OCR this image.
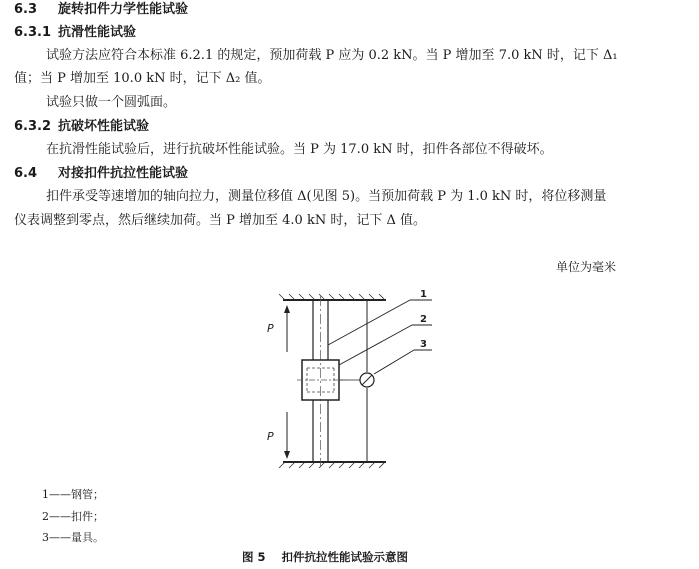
6.3 旋转扣件力学性能试验
6.3.1 抗滑性能试验
试验方法应符合本标准 6.2.1 的规定，预加荷载 P 应为 0.2 kN。当 P 增加至 7.0 kN 时，记下 Δ₁
值；当 P 增加至 10.0 kN 时，记下 Δ₂ 值。
试验只做一个圆弧面。
6.3.2 抗破坏性能试验
在抗滑性能试验后，进行抗破坏性能试验。当 P 为 17.0 kN 时，扣件各部位不得破坏。
6.4 对接扣件抗拉性能试验
扣件承受等速增加的轴向拉力，测量位移值 Δ(见图 5)。当预加荷载 P 为 1.0 kN 时，将位移测量
仪表调整到零点，然后继续加荷。当 P 增加至 4.0 kN 时，记下 Δ 值。
单位为毫米
P
P
1
2
3
1——钢管；
2——扣件；
3——量具。
图 5    扣件抗拉性能试验示意图
